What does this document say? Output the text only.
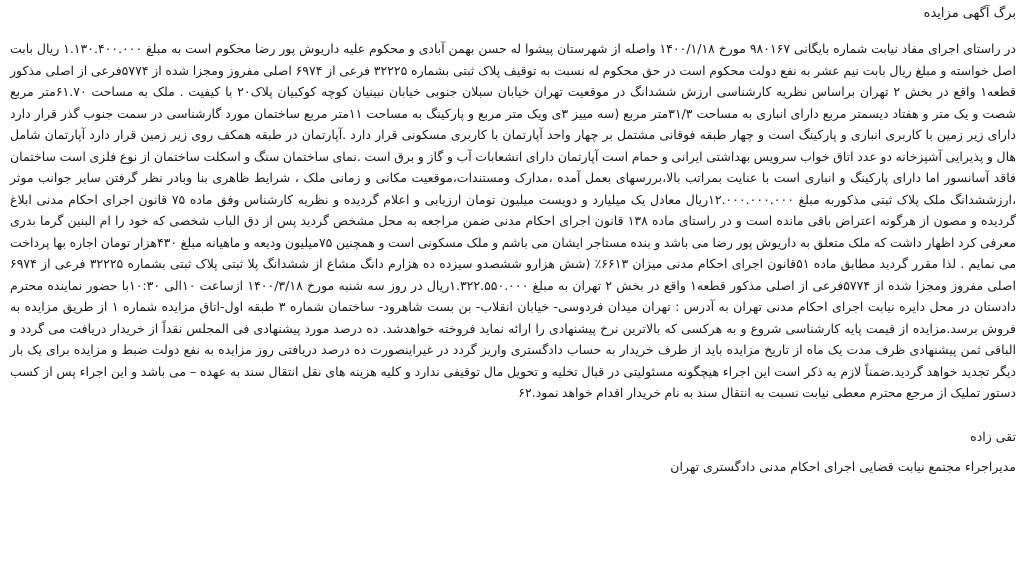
برگ آگهی مزایده

در راستای اجرای مفاد نیابت شماره بایگانی ۹۸۰۱۶۷ مورخ ۱۴۰۰/۱/۱۸ واصله از شهرستان پیشوا له حسن بهمن آبادی و محکوم علیه داریوش پور رضا محکوم است به مبلغ ۱.۱۳۰.۴۰۰.۰۰۰ ریال بابت اصل خواسته و مبلغ ریال بابت نیم عشر به نفع دولت محکوم است در حق محکوم له نسبت به توقیف پلاک ثبتی بشماره ۳۲۲۲۵ فرعی از ۶۹۷۴ اصلی مفروز ومجزا شده از ۵۷۷۴فرعی از اصلی مذکور قطعه۱ واقع در بخش ۲ تهران براساس نظریه کارشناسی ارزش ششدانگ در موقعیت تهران خیابان سبلان جنوبی خیابان نبینیان کوچه کوکبیان پلاک۲۰ با کیفیت . ملک به مساحت ۶۱.۷۰متر مربع شصت و یک متر و هفتاد دیسمتر مربع دارای انباری به مساحت ۳۱/۳متر مربع (سه مییز ۳ی ویک متر مربع و پارکینگ به مساحت ۱۱متر مربع ساختمان مورد گارشناسی در سمت جنوب گذر قرار دارد دارای زیر زمین با کاربری انباری و پارکینگ است و چهار طبقه فوقانی مشتمل بر چهار واحد آپارتمان با کاربری مسکونی قرار دارد .آپارتمان در طبقه همکف روی زیر زمین قرار دارد آپارتمان شامل هال و پذیرایی آشپزخانه دو عدد اتاق خواب سرویس بهداشتی ایرانی و حمام است آپارتمان دارای انشعابات آب و گاز و برق است .نمای ساختمان سنگ و اسکلت ساختمان از نوع فلزی است ساختمان فاقد آسانسور اما دارای پارکینگ و انباری است با عنایت بمراتب بالا،بررسهای بعمل آمده ،مدارک ومستندات،موقعیت مکانی و زمانی ملک ، شرایط ظاهری بنا وبادر نظر گرفتن سایر جوانب موثر ،ارزششدانگ ملک پلاک ثبتی مذکوربه مبلغ ۱۲.۰۰۰.۰۰۰.۰۰۰ریال معادل یک میلیارد و دویست میلیون تومان ارزیابی و اعلام گردیده و نظریه کارشناس وفق ماده ۷۵ قانون اجرای احکام مدنی ابلاغ گردیده و مصون از هرگونه اعتراض باقی مانده است و در راستای ماده ۱۳۸ قانون اجرای احکام مدنی ضمن مراجعه به محل مشخص گردید پس از دق الباب شخصی که خود را ام البنین گرما بدری معرفی کرد اظهار داشت که ملک متعلق به داریوش پور رضا می باشد و بنده مستاجر ایشان می باشم و ملک مسکونی است و همچنین ۷۵میلیون ودیعه و ماهیانه مبلغ ۴۳۰هزار تومان اجاره بها پرداخت می نمایم . لذا مقرر گردید مطابق ماده ۵۱قانون اجرای احکام مدنی میزان ۶۶۱۳٪ (شش هزارو ششصدو سیزده ده هزارم دانگ مشاع از ششدانگ پلا ثبتی پلاک ثبتی بشماره ۳۲۲۲۵ فرعی از ۶۹۷۴ اصلی مفروز ومجزا شده از ۵۷۷۴فرعی از اصلی مذکور قطعه۱ واقع در بخش ۲ تهران به مبلغ ۱.۳۲۲.۵۵۰.۰۰۰ریال در روز سه شنبه مورخ ۱۴۰۰/۳/۱۸ ازساعت ۱۰الی ۱۰:۳۰با حضور نماینده محترم دادستان در محل دایره نیابت اجرای احکام مدنی تهران به آدرس : تهران میدان فردوسی- خیابان انقلاب- بن بست شاهرود- ساختمان شماره ۳ طبقه اول-اتاق مزایده شماره ۱ از طریق مزایده به فروش برسد.مزایده از قیمت پایه کارشناسی شروع و به هرکسی که بالاترین نرخ پیشنهادی را ارائه نماید فروخته خواهدشد. ده درصد مورد پیشنهادی فی المجلس نقداً از خریدار دریافت می گردد و الباقی ثمن پیشنهادی ظرف مدت یک ماه از تاریخ مزایده باید از طرف خریدار به حساب دادگستری واریز گردد در غیراینصورت ده درصد دریافتی روز مزایده به نفع دولت ضبط و مزایده برای یک بار دیگر تجدید خواهد گردید.ضمناً لازم به ذکر است این اجراء هیچگونه مسئولیتی در قبال تخلیه و تحویل مال توقیفی ندارد و کلیه هزینه های نقل انتقال سند به عهده – می باشد و این اجراء پس از کسب دستور تملیک از مرجع محترم معطی نیابت نسبت به انتقال سند به نام خریدار اقدام خواهد نمود.۶۲

تقی زاده

مدیراجراء مجتمع نیابت قضایی اجرای احکام مدنی دادگستری تهران
